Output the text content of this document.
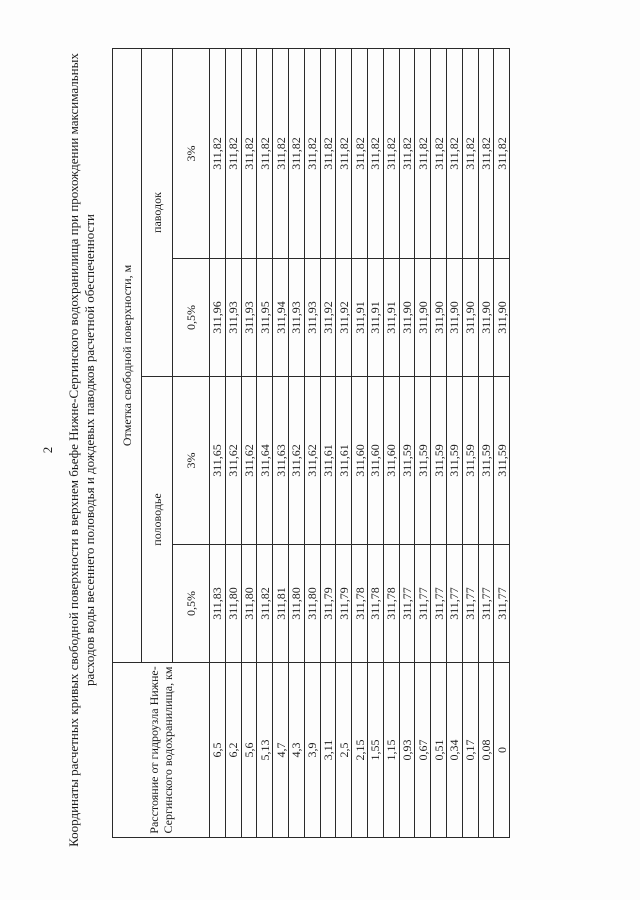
2 Координаты расчетных кривых свободной поверхности в верхнем бьефе Нижне-Сергинского водохранилища при прохождении максимальных расходов воды весеннего половодья и дождевых паводков расчетной обеспеченности
Расстояние от гидроузла Нижне-Сергинского водохранилища, км	Отметка свободной поверхности, м			
	половодье		паводок	
	0,5%	3%	0,5%	3%
6,5	311,83	311,65	311,96	311,82
6,2	311,80	311,62	311,93	311,82
5,6	311,80	311,62	311,93	311,82
5,13	311,82	311,64	311,95	311,82
4,7	311,81	311,63	311,94	311,82
4,3	311,80	311,62	311,93	311,82
3,9	311,80	311,62	311,93	311,82
3,11	311,79	311,61	311,92	311,82
2,5	311,79	311,61	311,92	311,82
2,15	311,78	311,60	311,91	311,82
1,55	311,78	311,60	311,91	311,82
1,15	311,78	311,60	311,91	311,82
0,93	311,77	311,59	311,90	311,82
0,67	311,77	311,59	311,90	311,82
0,51	311,77	311,59	311,90	311,82
0,34	311,77	311,59	311,90	311,82
0,17	311,77	311,59	311,90	311,82
0,08	311,77	311,59	311,90	311,82
0	311,77	311,59	311,90	311,82
